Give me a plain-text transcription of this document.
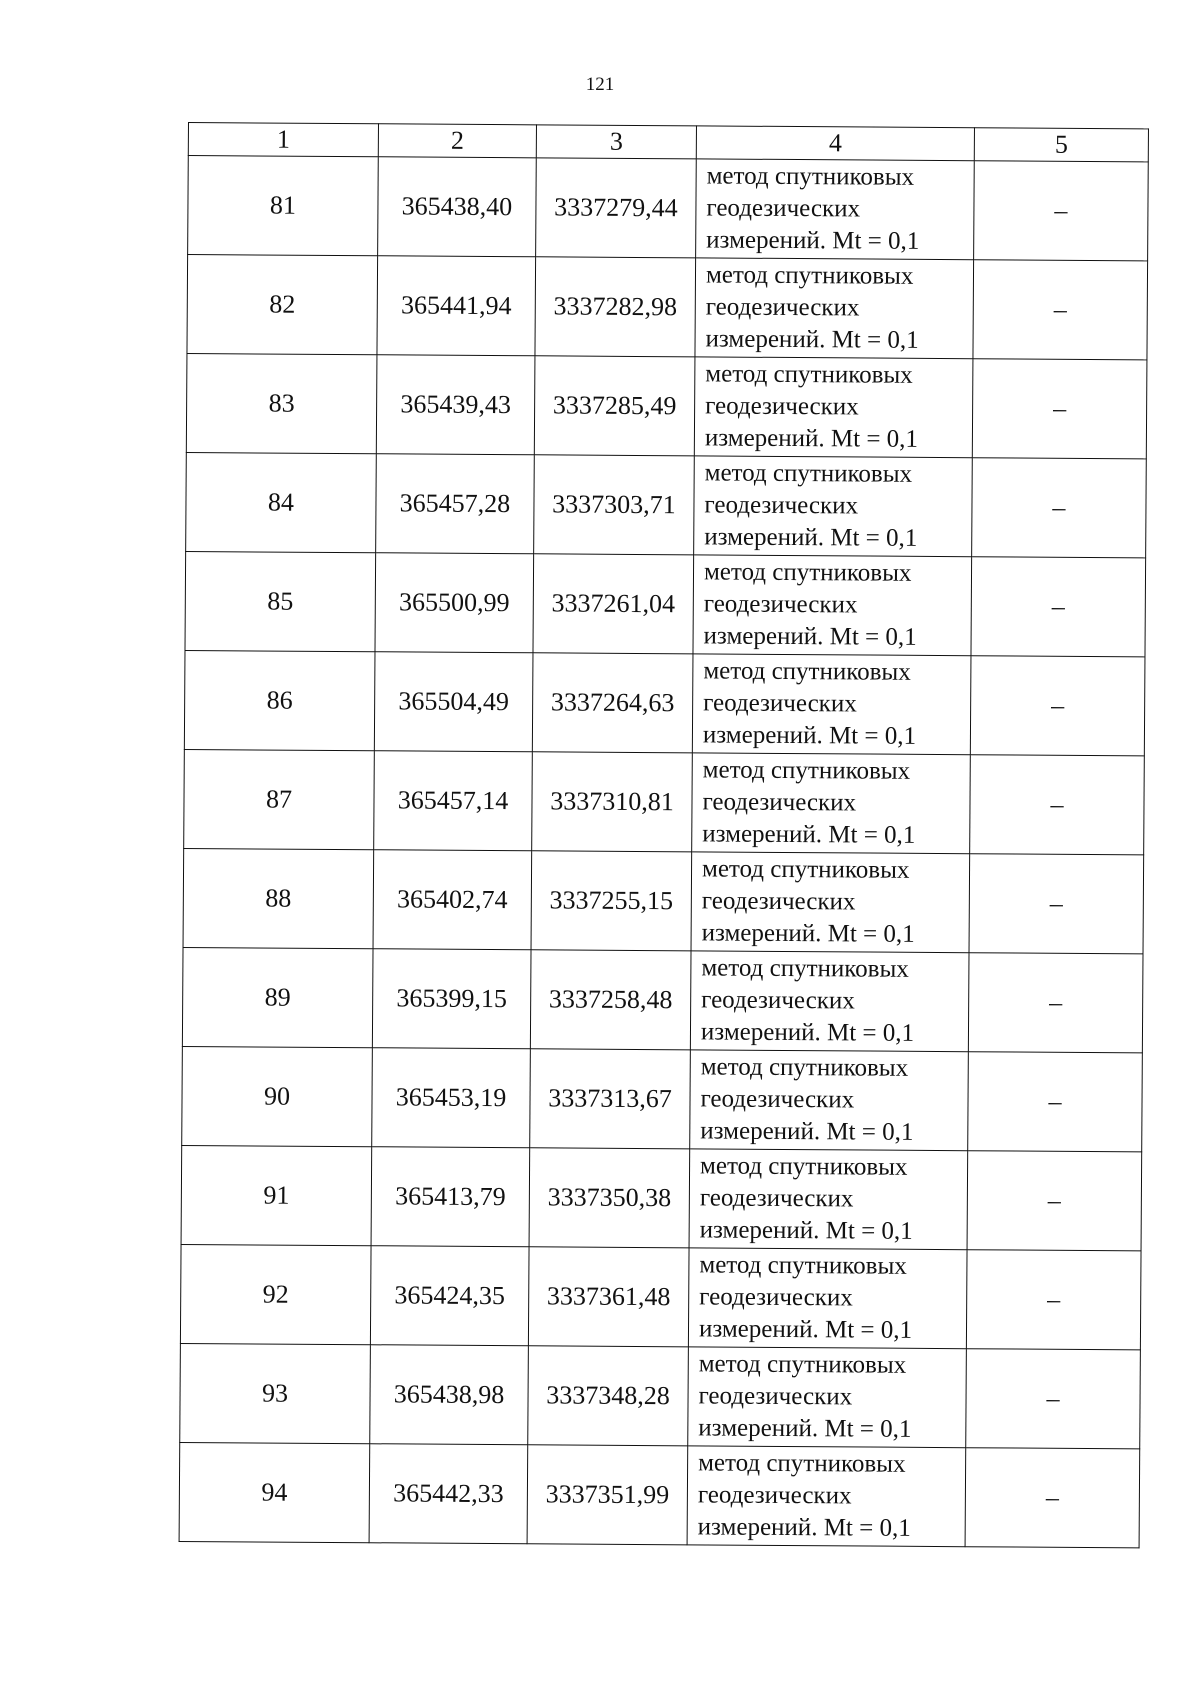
121
1	2	3	4	5
81	365438,40	3337279,44	метод спутниковых
геодезических
измерений. Mt = 0,1	–
82	365441,94	3337282,98	метод спутниковых
геодезических
измерений. Mt = 0,1	–
83	365439,43	3337285,49	метод спутниковых
геодезических
измерений. Mt = 0,1	–
84	365457,28	3337303,71	метод спутниковых
геодезических
измерений. Mt = 0,1	–
85	365500,99	3337261,04	метод спутниковых
геодезических
измерений. Mt = 0,1	–
86	365504,49	3337264,63	метод спутниковых
геодезических
измерений. Mt = 0,1	–
87	365457,14	3337310,81	метод спутниковых
геодезических
измерений. Mt = 0,1	–
88	365402,74	3337255,15	метод спутниковых
геодезических
измерений. Mt = 0,1	–
89	365399,15	3337258,48	метод спутниковых
геодезических
измерений. Mt = 0,1	–
90	365453,19	3337313,67	метод спутниковых
геодезических
измерений. Mt = 0,1	–
91	365413,79	3337350,38	метод спутниковых
геодезических
измерений. Mt = 0,1	–
92	365424,35	3337361,48	метод спутниковых
геодезических
измерений. Mt = 0,1	–
93	365438,98	3337348,28	метод спутниковых
геодезических
измерений. Mt = 0,1	–
94	365442,33	3337351,99	метод спутниковых
геодезических
измерений. Mt = 0,1	–
